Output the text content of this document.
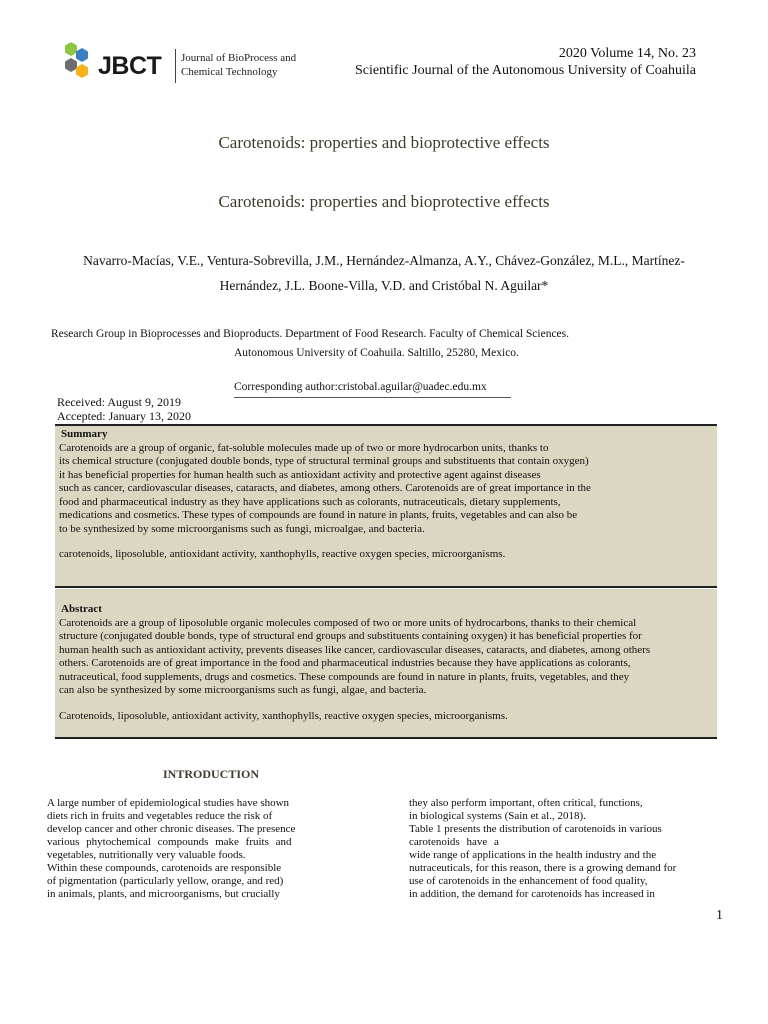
JBCT Journal of BioProcess and
Chemical Technology
2020 Volume 14, No. 23
Scientific Journal of the Autonomous University of Coahuila
Carotenoids: properties and bioprotective effects
Carotenoids: properties and bioprotective effects
Navarro-Macías, V.E., Ventura-Sobrevilla, J.M., Hernández-Almanza, A.Y., Chávez-González, M.L., Martínez-
Hernández, J.L. Boone-Villa, V.D. and Cristóbal N. Aguilar*
Research Group in Bioprocesses and Bioproducts. Department of Food Research. Faculty of Chemical Sciences.
Autonomous University of Coahuila. Saltillo, 25280, Mexico.
Corresponding author:cristobal.aguilar@uadec.edu.mx
Received: August 9, 2019
Accepted: January 13, 2020
Summary

Carotenoids are a group of organic, fat-soluble molecules made up of two or more hydrocarbon units, thanks to

its chemical structure (conjugated double bonds, type of structural terminal groups and substituents that contain oxygen)

it has beneficial properties for human health such as antioxidant activity and protective agent against diseases

such as cancer, cardiovascular diseases, cataracts, and diabetes, among others. Carotenoids are of great importance in the

food and pharmaceutical industry as they have applications such as colorants, nutraceuticals, dietary supplements,

medications and cosmetics. These types of compounds are found in nature in plants, fruits, vegetables and can also be

to be synthesized by some microorganisms such as fungi, microalgae, and bacteria.

carotenoids, liposoluble, antioxidant activity, xanthophylls, reactive oxygen species, microorganisms.

Abstract

Carotenoids are a group of liposoluble organic molecules composed of two or more units of hydrocarbons, thanks to their chemical

structure (conjugated double bonds, type of structural end groups and substituents containing oxygen) it has beneficial properties for

human health such as antioxidant activity, prevents diseases like cancer, cardiovascular diseases, cataracts, and diabetes, among others

others. Carotenoids are of great importance in the food and pharmaceutical industries because they have applications as colorants,

nutraceutical, food supplements, drugs and cosmetics. These compounds are found in nature in plants, fruits, vegetables, and they

can also be synthesized by some microorganisms such as fungi, algae, and bacteria.

Carotenoids, liposoluble, antioxidant activity, xanthophylls, reactive oxygen species, microorganisms.

INTRODUCTION
A large number of epidemiological studies have shown
diets rich in fruits and vegetables reduce the risk of
develop cancer and other chronic diseases. The presence
various phytochemical compounds make fruits and
vegetables, nutritionally very valuable foods.
Within these compounds, carotenoids are responsible
of pigmentation (particularly yellow, orange, and red)
in animals, plants, and microorganisms, but crucially
they also perform important, often critical, functions,
in biological systems (Sain et al., 2018).
Table 1 presents the distribution of carotenoids in various
carotenoids have a
wide range of applications in the health industry and the
nutraceuticals, for this reason, there is a growing demand for
use of carotenoids in the enhancement of food quality,
in addition, the demand for carotenoids has increased in
1
